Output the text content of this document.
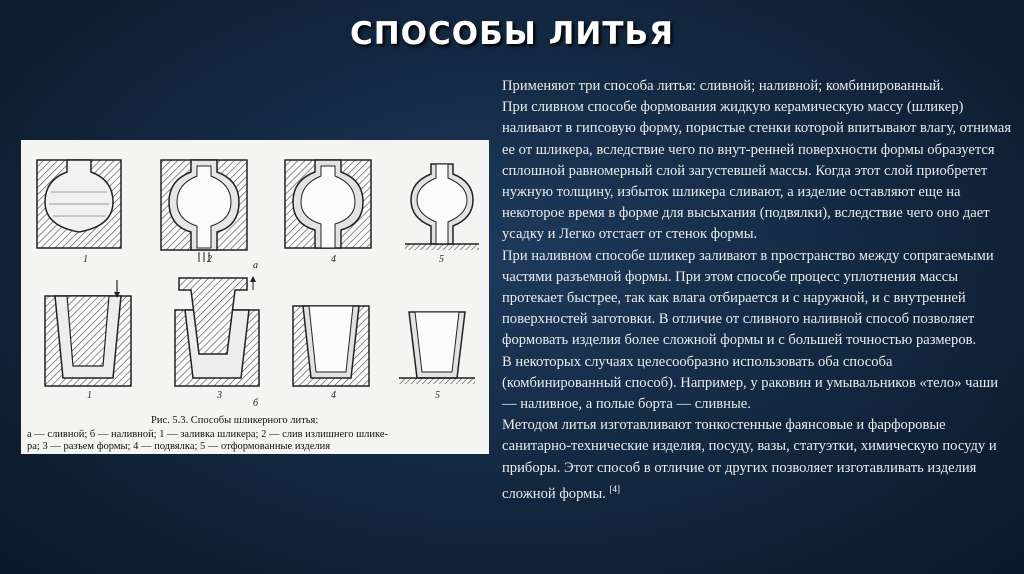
СПОСОБЫ ЛИТЬЯ
1	2	4	5
а
1	3	4	5
б
Рис. 5.3. Способы шликерного литья:
а — сливной; б — наливной; 1 — заливка шликера; 2 — слив излишнего шлике-
ра; 3 — разъем формы; 4 — подвялка; 5 — отформованные изделия

Применяют три способа литья: сливной; наливной; комбинированный.

При сливном способе формования жидкую керамическую массу (шликер) наливают в гипсовую форму, пористые стенки которой впитывают влагу, отнимая ее от шликера, вследствие чего по внут-ренней поверхности формы образуется сплошной равномерный слой загустевшей массы. Когда этот слой приобретет нужную толщину, избыток шликера сливают, а изделие оставляют еще на некоторое время в форме для высыхания (подвялки), вследствие чего оно дает усадку и Легко отстает от стенок формы.

При наливном способе шликер заливают в пространство между сопрягаемыми частями разъемной формы. При этом способе процесс уплотнения массы протекает быстрее, так как влага отбирается и с наружной, и с внутренней поверхностей заготовки. В отличие от сливного наливной способ позволяет формовать изделия более сложной формы и с большей точностью размеров.

В некоторых случаях целесообразно использовать оба способа (комбинированный способ). Например, у раковин и умывальников «тело» чаши — наливное, а полые борта — сливные.

Методом литья изготавливают тонкостенные фаянсовые и фарфоровые санитарно-технические изделия, посуду, вазы, статуэтки, химическую посуду и приборы. Этот способ в отличие от других позволяет изготавливать изделия сложной формы. [4]
